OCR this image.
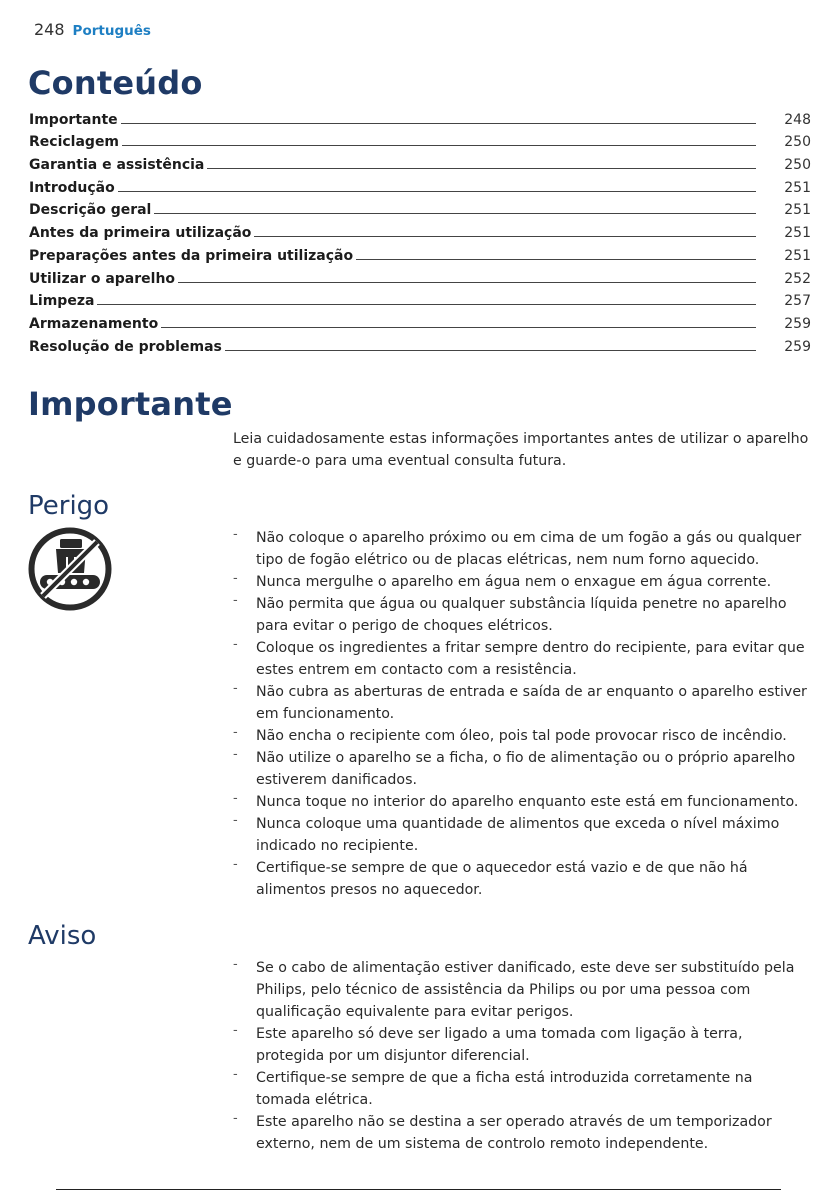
248 Português
Conteúdo
Importante	248
Reciclagem	250
Garantia e assistência	250
Introdução	251
Descrição geral	251
Antes da primeira utilização	251
Preparações antes da primeira utilização	251
Utilizar o aparelho	252
Limpeza	257
Armazenamento	259
Resolução de problemas	259
Importante

Leia cuidadosamente estas informações importantes antes de utilizar o aparelho e guarde-o para uma eventual consulta futura.

Perigo
- Não coloque o aparelho próximo ou em cima de um fogão a gás ou qualquer tipo de fogão elétrico ou de placas elétricas, nem num forno aquecido.
- Nunca mergulhe o aparelho em água nem o enxague em água corrente.
- Não permita que água ou qualquer substância líquida penetre no aparelho para evitar o perigo de choques elétricos.
- Coloque os ingredientes a fritar sempre dentro do recipiente, para evitar que estes entrem em contacto com a resistência.
- Não cubra as aberturas de entrada e saída de ar enquanto o aparelho estiver em funcionamento.
- Não encha o recipiente com óleo, pois tal pode provocar risco de incêndio.
- Não utilize o aparelho se a ficha, o fio de alimentação ou o próprio aparelho estiverem danificados.
- Nunca toque no interior do aparelho enquanto este está em funcionamento.
- Nunca coloque uma quantidade de alimentos que exceda o nível máximo indicado no recipiente.
- Certifique-se sempre de que o aquecedor está vazio e de que não há alimentos presos no aquecedor.
Aviso
- Se o cabo de alimentação estiver danificado, este deve ser substituído pela Philips, pelo técnico de assistência da Philips ou por uma pessoa com qualificação equivalente para evitar perigos.
- Este aparelho só deve ser ligado a uma tomada com ligação à terra, protegida por um disjuntor diferencial.
- Certifique-se sempre de que a ficha está introduzida corretamente na tomada elétrica.
- Este aparelho não se destina a ser operado através de um temporizador externo, nem de um sistema de controlo remoto independente.
